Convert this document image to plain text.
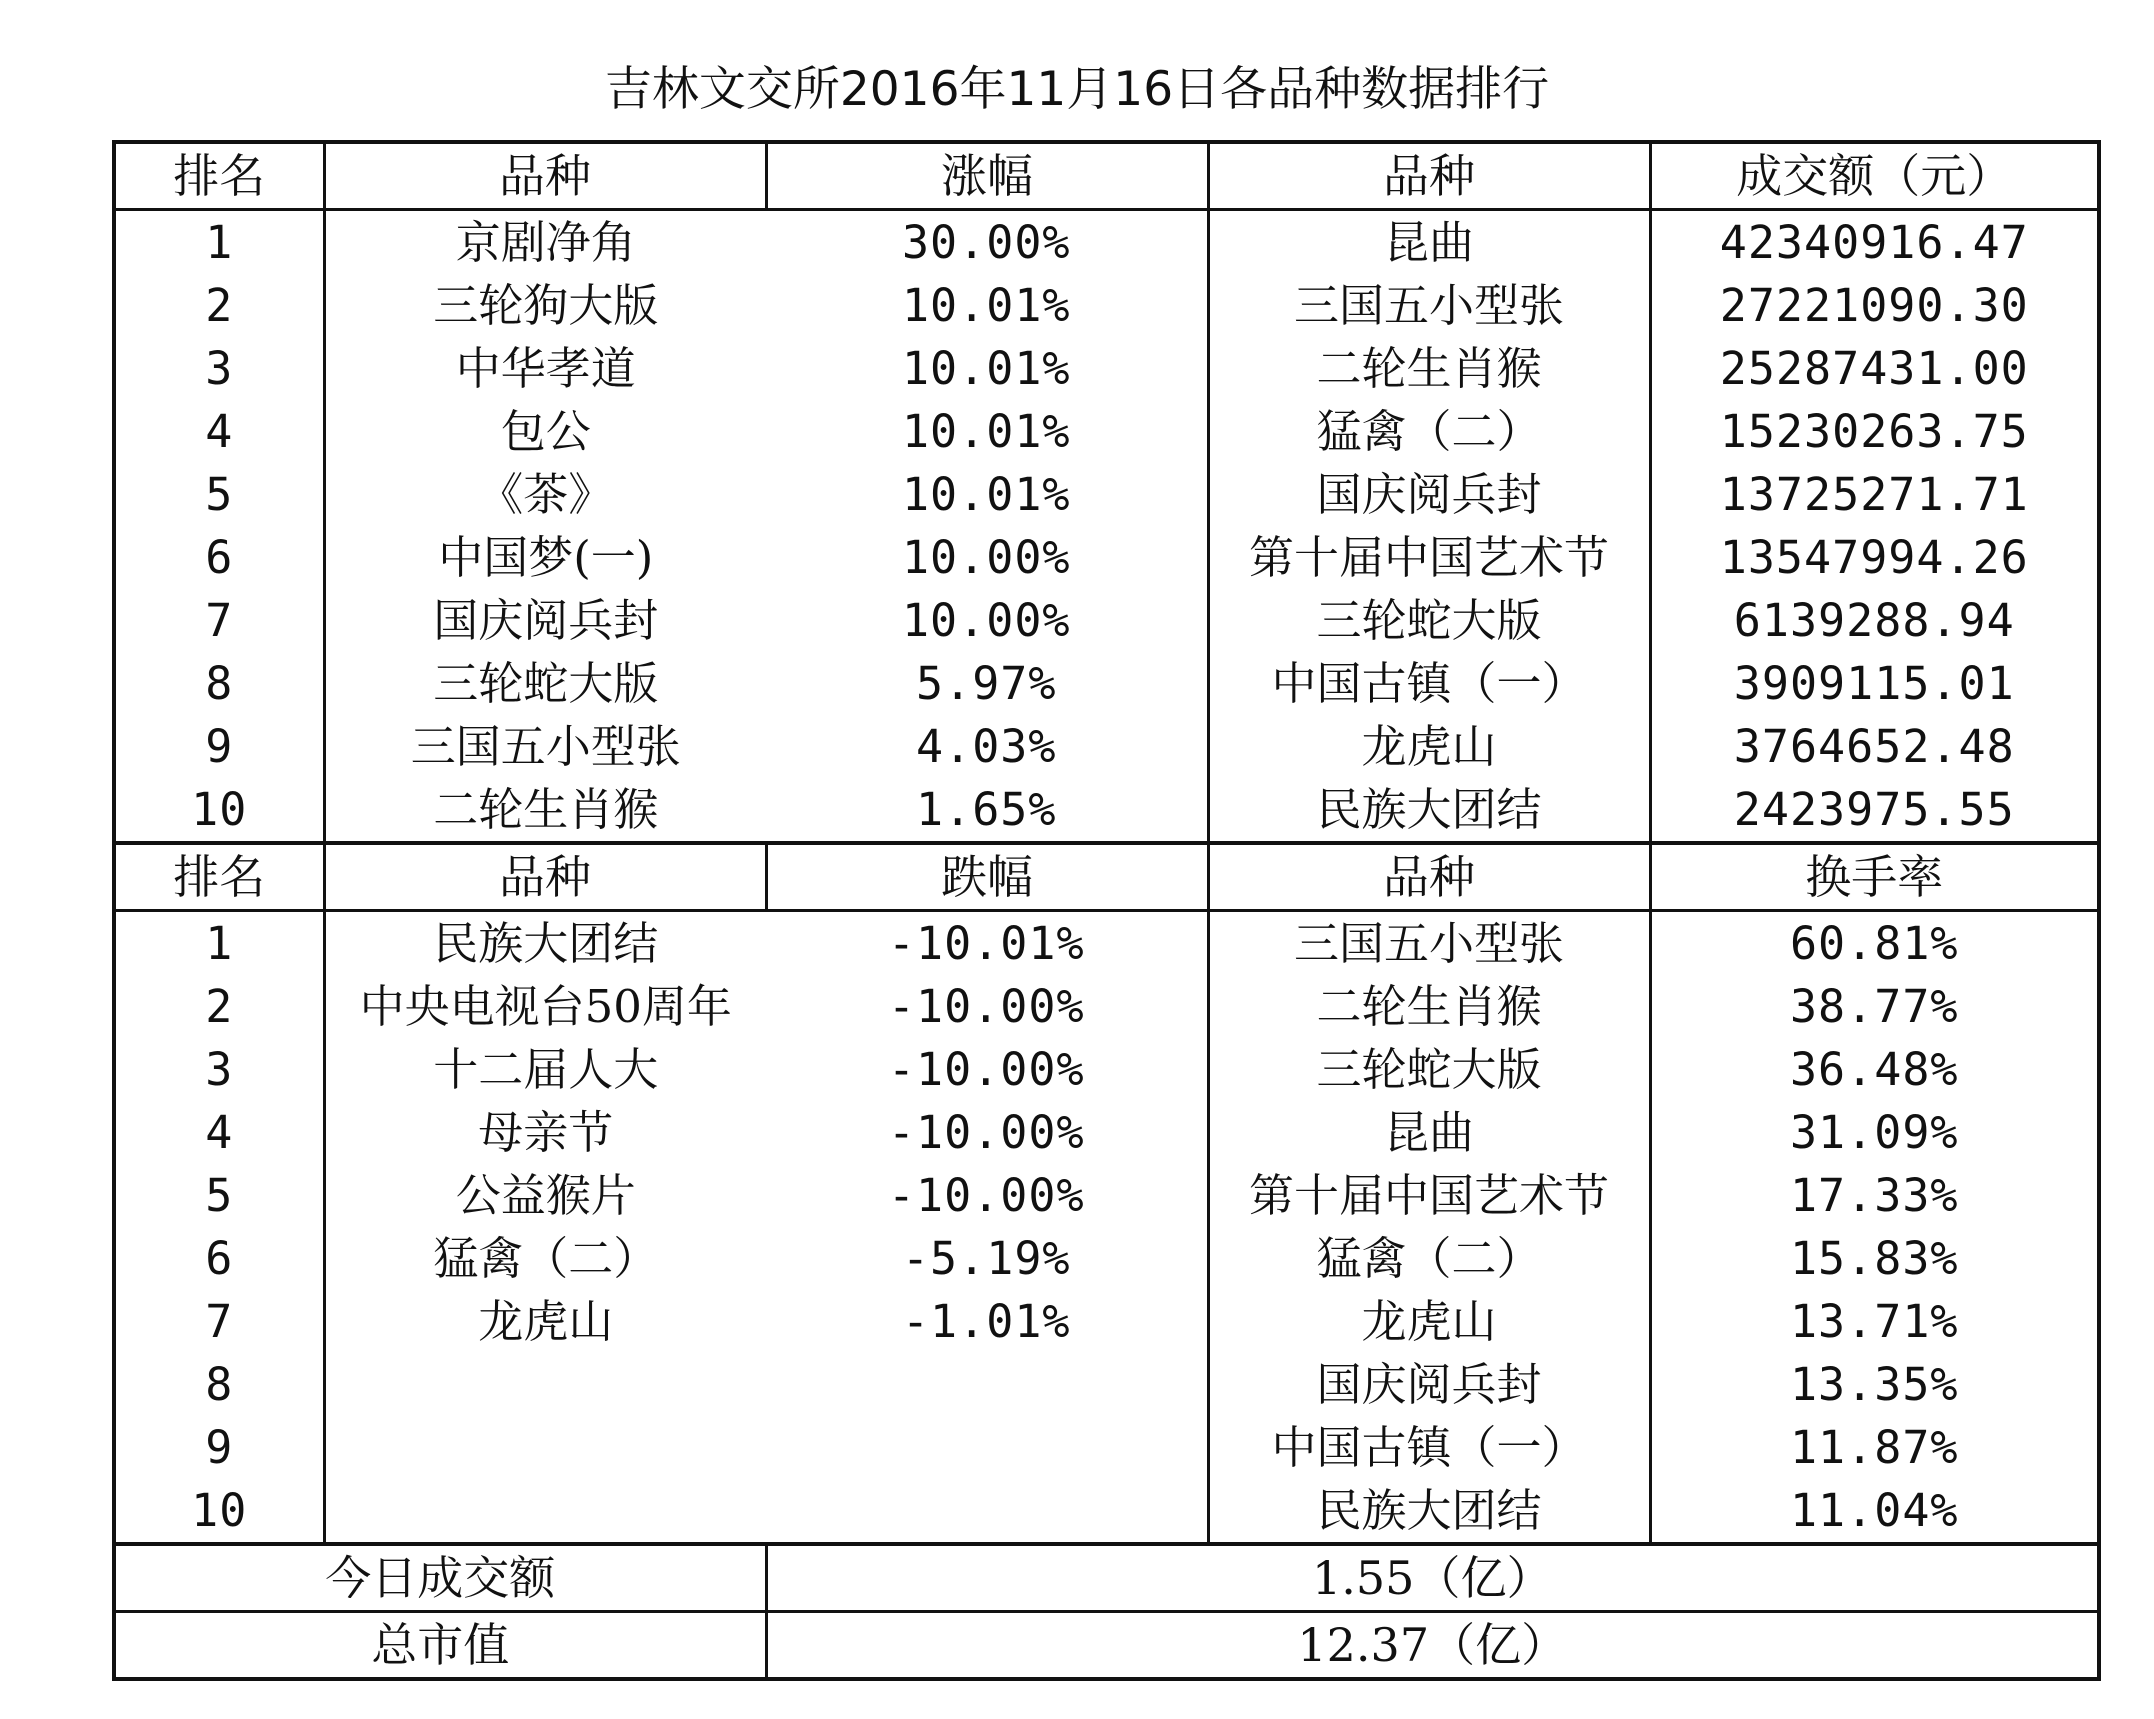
吉林文交所2016年11月16日各品种数据排行
排名	品种	涨幅	品种	成交额（元）
1	京剧净角	30.00%	昆曲	42340916.47
2	三轮狗大版	10.01%	三国五小型张	27221090.30
3	中华孝道	10.01%	二轮生肖猴	25287431.00
4	包公	10.01%	猛禽（二）	15230263.75
5	《茶》	10.01%	国庆阅兵封	13725271.71
6	中国梦(一)	10.00%	第十届中国艺术节	13547994.26
7	国庆阅兵封	10.00%	三轮蛇大版	6139288.94
8	三轮蛇大版	5.97%	中国古镇（一）	3909115.01
9	三国五小型张	4.03%	龙虎山	3764652.48
10	二轮生肖猴	1.65%	民族大团结	2423975.55
排名	品种	跌幅	品种	换手率
1	民族大团结	-10.01%	三国五小型张	60.81%
2	中央电视台50周年	-10.00%	二轮生肖猴	38.77%
3	十二届人大	-10.00%	三轮蛇大版	36.48%
4	母亲节	-10.00%	昆曲	31.09%
5	公益猴片	-10.00%	第十届中国艺术节	17.33%
6	猛禽（二）	-5.19%	猛禽（二）	15.83%
7	龙虎山	-1.01%	龙虎山	13.71%
8			国庆阅兵封	13.35%
9			中国古镇（一）	11.87%
10			民族大团结	11.04%
今日成交额		1.55（亿）		
总市值		12.37（亿）		
